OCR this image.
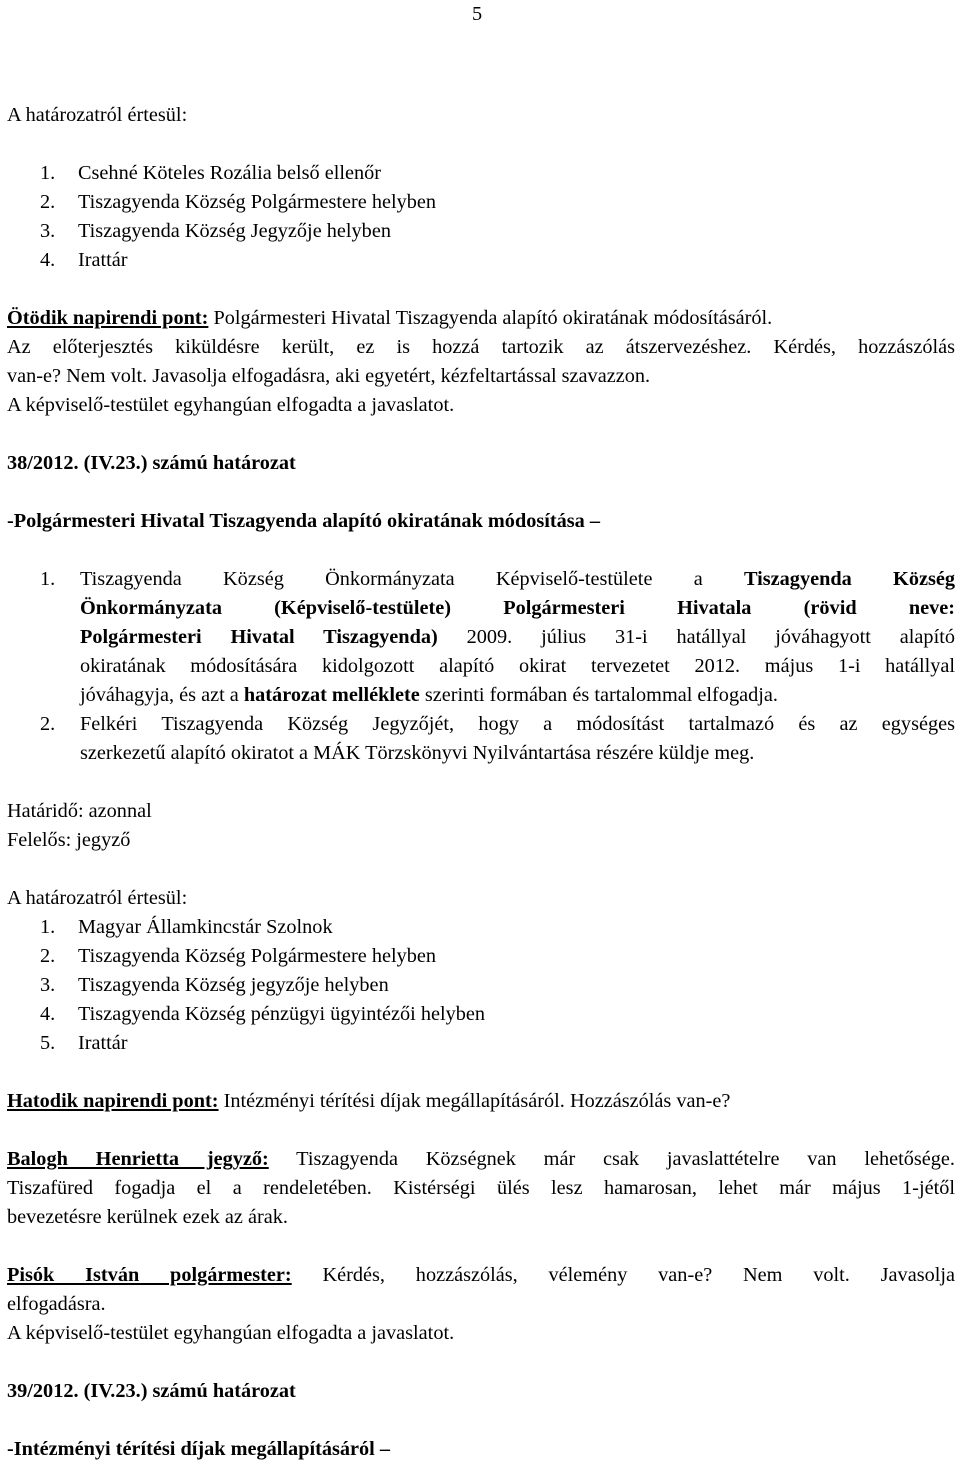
5
A határozatról értesül:
1. Csehné Köteles Rozália belső ellenőr
2. Tiszagyenda Község Polgármestere helyben
3. Tiszagyenda Község Jegyzője helyben
4. Irattár
Ötödik napirendi pont: Polgármesteri Hivatal Tiszagyenda alapító okiratának módosításáról.
Az előterjesztés kiküldésre került, ez is hozzá tartozik az átszervezéshez. Kérdés, hozzászólás
van-e? Nem volt. Javasolja elfogadásra, aki egyetért, kézfeltartással szavazzon.
A képviselő-testület egyhangúan elfogadta a javaslatot.
38/2012. (IV.23.) számú határozat
-Polgármesteri Hivatal Tiszagyenda alapító okiratának módosítása –
1. Tiszagyenda Község Önkormányzata Képviselő-testülete a Tiszagyenda Község
Önkormányzata (Képviselő-testülete) Polgármesteri Hivatala (rövid neve:
Polgármesteri Hivatal Tiszagyenda) 2009. július 31-i hatállyal jóváhagyott alapító
okiratának módosítására kidolgozott alapító okirat tervezetet 2012. május 1-i hatállyal
jóváhagyja, és azt a határozat melléklete szerinti formában és tartalommal elfogadja.
2. Felkéri Tiszagyenda Község Jegyzőjét, hogy a módosítást tartalmazó és az egységes
szerkezetű alapító okiratot a MÁK Törzskönyvi Nyilvántartása részére küldje meg.
Határidő: azonnal
Felelős: jegyző
A határozatról értesül:
1. Magyar Államkincstár Szolnok
2. Tiszagyenda Község Polgármestere helyben
3. Tiszagyenda Község jegyzője helyben
4. Tiszagyenda Község pénzügyi ügyintézői helyben
5. Irattár
Hatodik napirendi pont: Intézményi térítési díjak megállapításáról. Hozzászólás van-e?
Balogh Henrietta jegyző: Tiszagyenda Községnek már csak javaslattételre van lehetősége.
Tiszafüred fogadja el a rendeletében. Kistérségi ülés lesz hamarosan, lehet már május 1-jétől
bevezetésre kerülnek ezek az árak.
Pisók István polgármester: Kérdés, hozzászólás, vélemény van-e? Nem volt. Javasolja
elfogadásra.
A képviselő-testület egyhangúan elfogadta a javaslatot.
39/2012. (IV.23.) számú határozat
-Intézményi térítési díjak megállapításáról –
